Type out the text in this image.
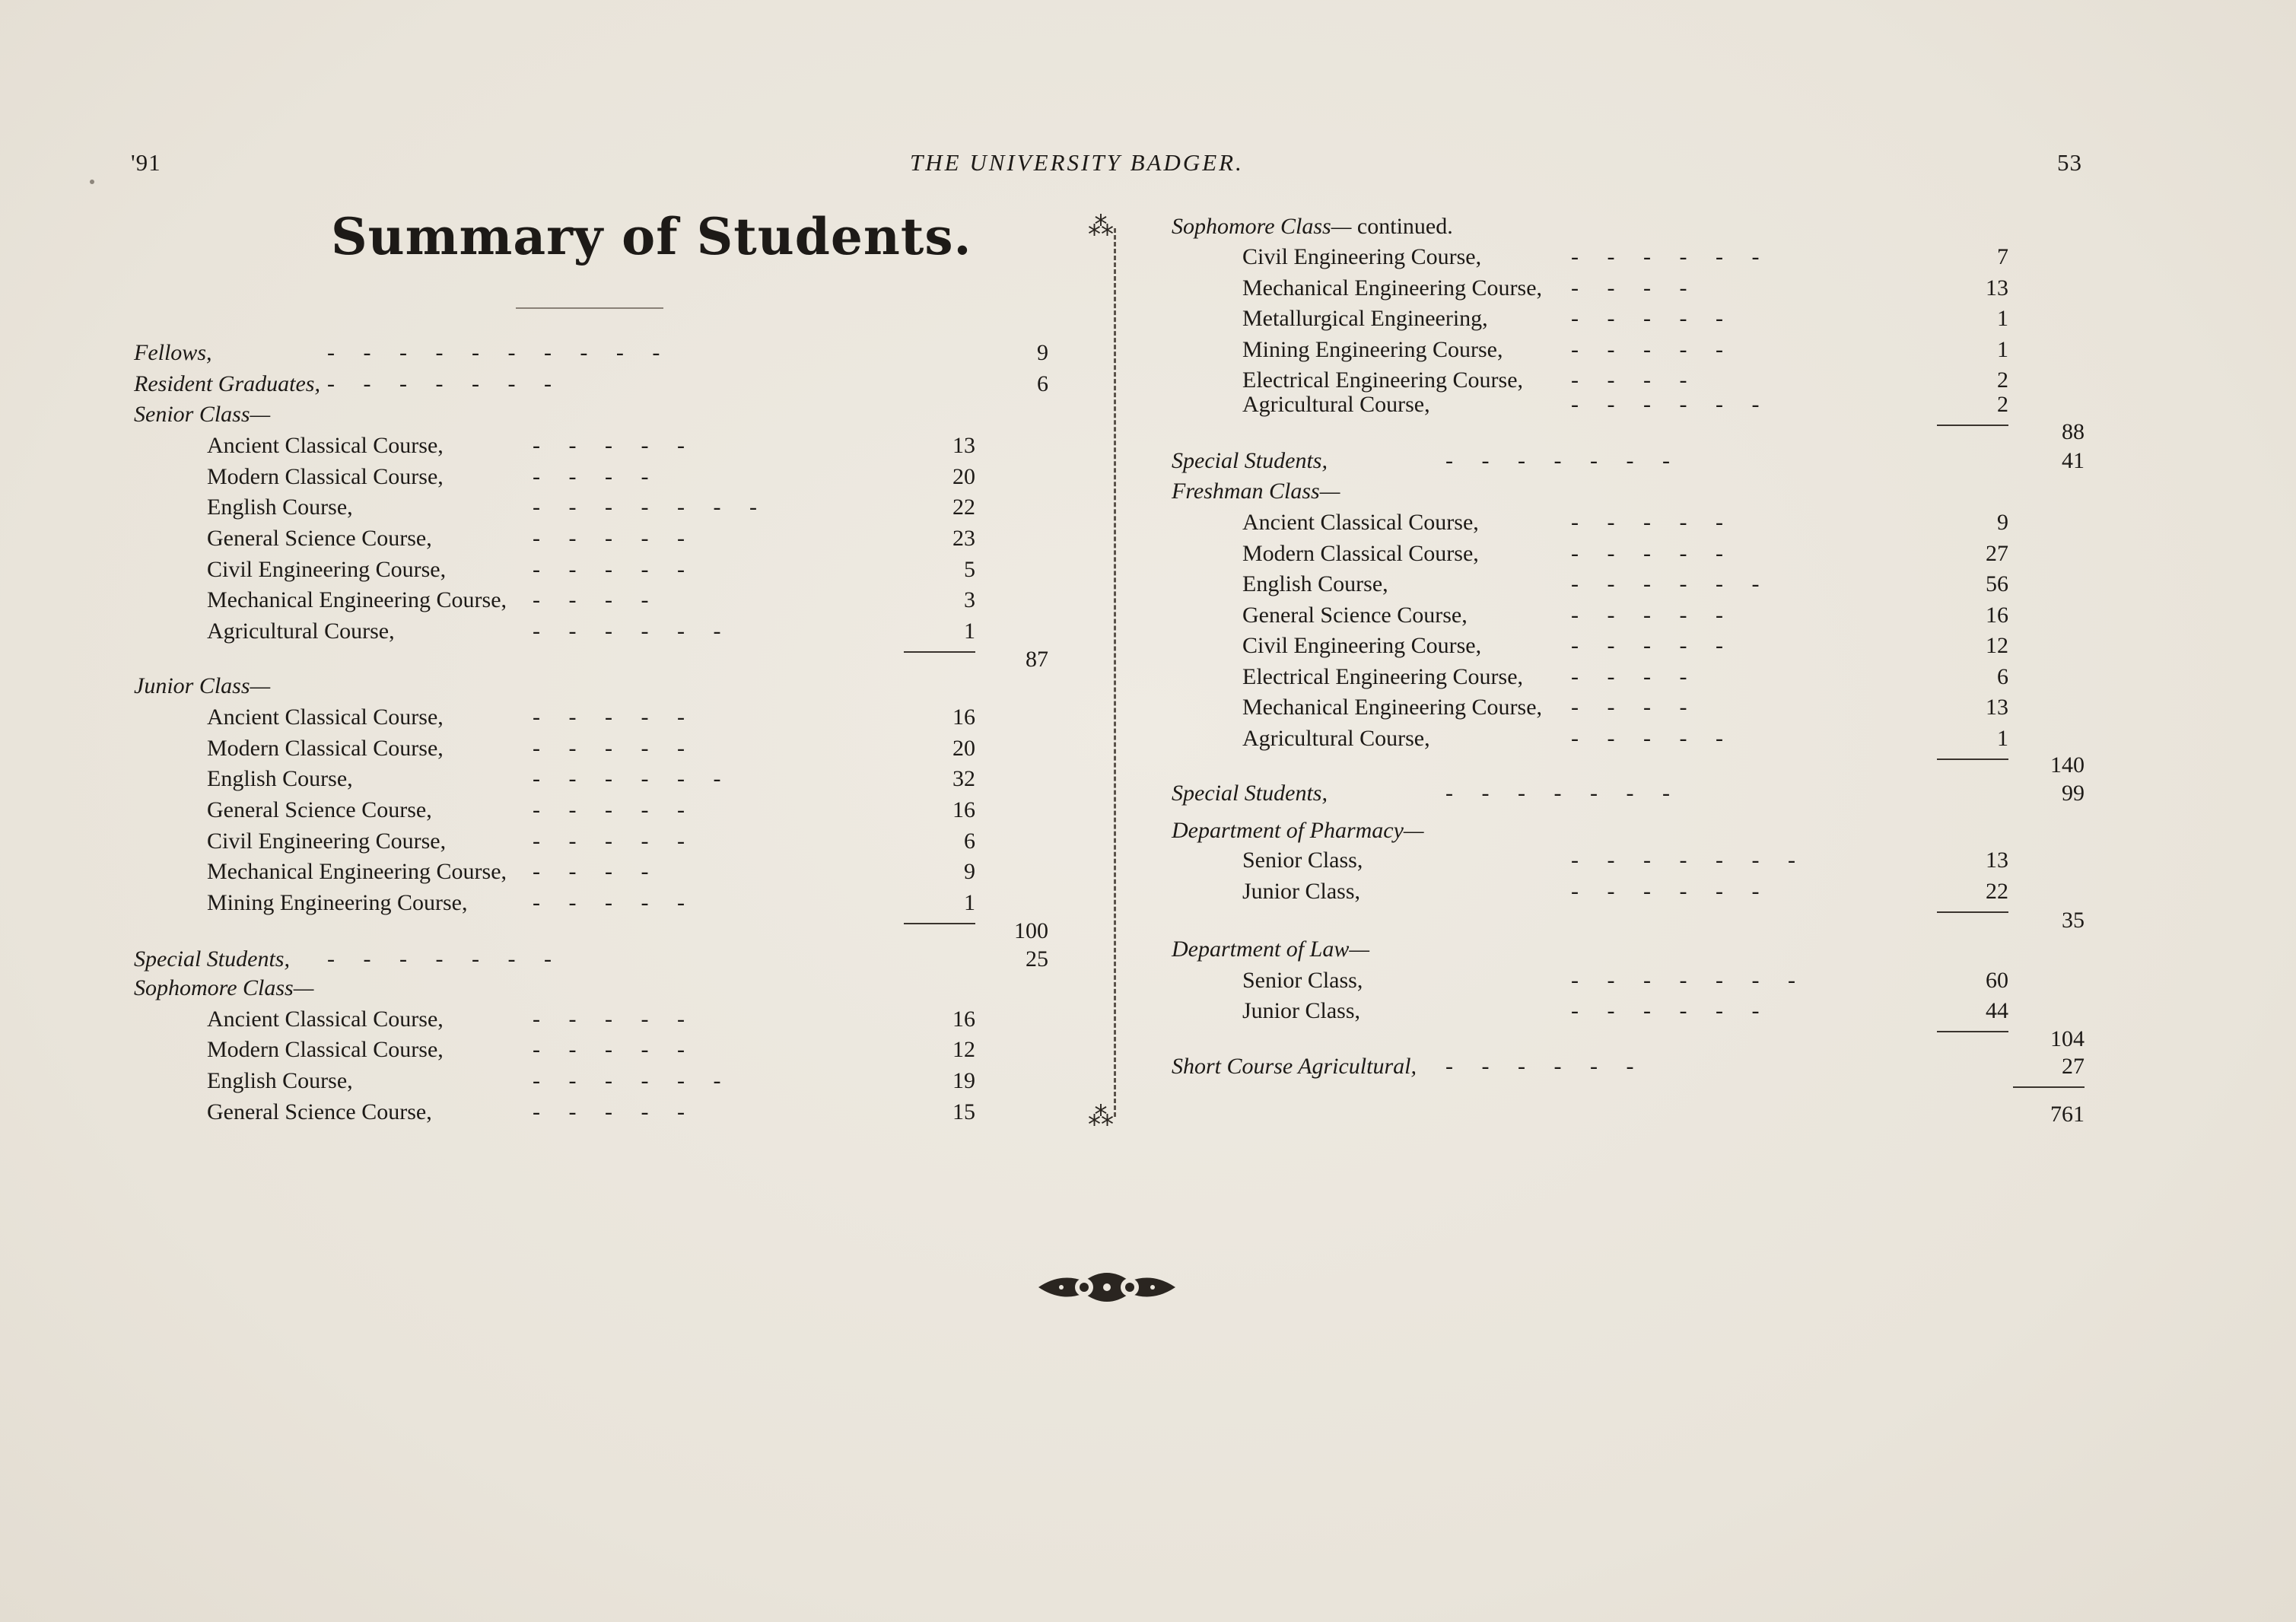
'91	THE UNIVERSITY BADGER.	53
Summary of Students.
Fellows,	-     -     -     -     -     -     -     -     -     -	9
Resident Graduates, -     -     -     -     -     -     -	6
Senior Class—
Ancient Classical Course,	-     -     -     -     -	13
Modern Classical Course,	-     -     -     -	20
English Course,	-     -     -     -     -     -     -	22
General Science Course,	-     -     -     -     -	23
Civil Engineering Course,	-     -     -     -     -	5
Mechanical Engineering Course, -     -     -     -	3
Agricultural Course,	-     -     -     -     -     -	1
87
Junior Class—
Ancient Classical Course,	-     -     -     -     -	16
Modern Classical Course,	-     -     -     -     -	20
English Course,	-     -     -     -     -     -	32
General Science Course,	-     -     -     -     -	16
Civil Engineering Course,	-     -     -     -     -	6
Mechanical Engineering Course, -     -     -     -	9
Mining Engineering Course,	-     -     -     -     -	1
100
Special Students, -     -     -     -     -     -     -	25
Sophomore Class—
Ancient Classical Course,	-     -     -     -     -	16
Modern Classical Course,	-     -     -     -     -	12
English Course,	-     -     -     -     -     -	19
General Science Course,	-     -     -     -     -	15
⁂
⁂
Sophomore Class— continued.
Civil Engineering Course,	-     -     -     -     -     -	7
Mechanical Engineering Course, -     -     -     -	13
Metallurgical Engineering,	-     -     -     -     -	1
Mining Engineering Course,	-     -     -     -     -	1
Electrical Engineering Course, -     -     -     -	2
Agricultural Course,	-     -     -     -     -     -	2
88
Special Students,	-     -     -     -     -     -     -	41
Freshman Class—
Ancient Classical Course,	-     -     -     -     -	9
Modern Classical Course,	-     -     -     -     -	27
English Course,	-     -     -     -     -     -	56
General Science Course,	-     -     -     -     -	16
Civil Engineering Course,	-     -     -     -     -	12
Electrical Engineering Course, -     -     -     -	6
Mechanical Engineering Course, -     -     -     -	13
Agricultural Course,	-     -     -     -     -	1
140
Special Students,	-     -     -     -     -     -     -	99
Department of Pharmacy—
Senior Class,	-     -     -     -     -     -     -	13
Junior Class,	-     -     -     -     -     -	22
35
Department of Law—
Senior Class,	-     -     -     -     -     -     -	60
Junior Class,	-     -     -     -     -     -	44
104
Short Course Agricultural, -     -     -     -     -     -	27
761
